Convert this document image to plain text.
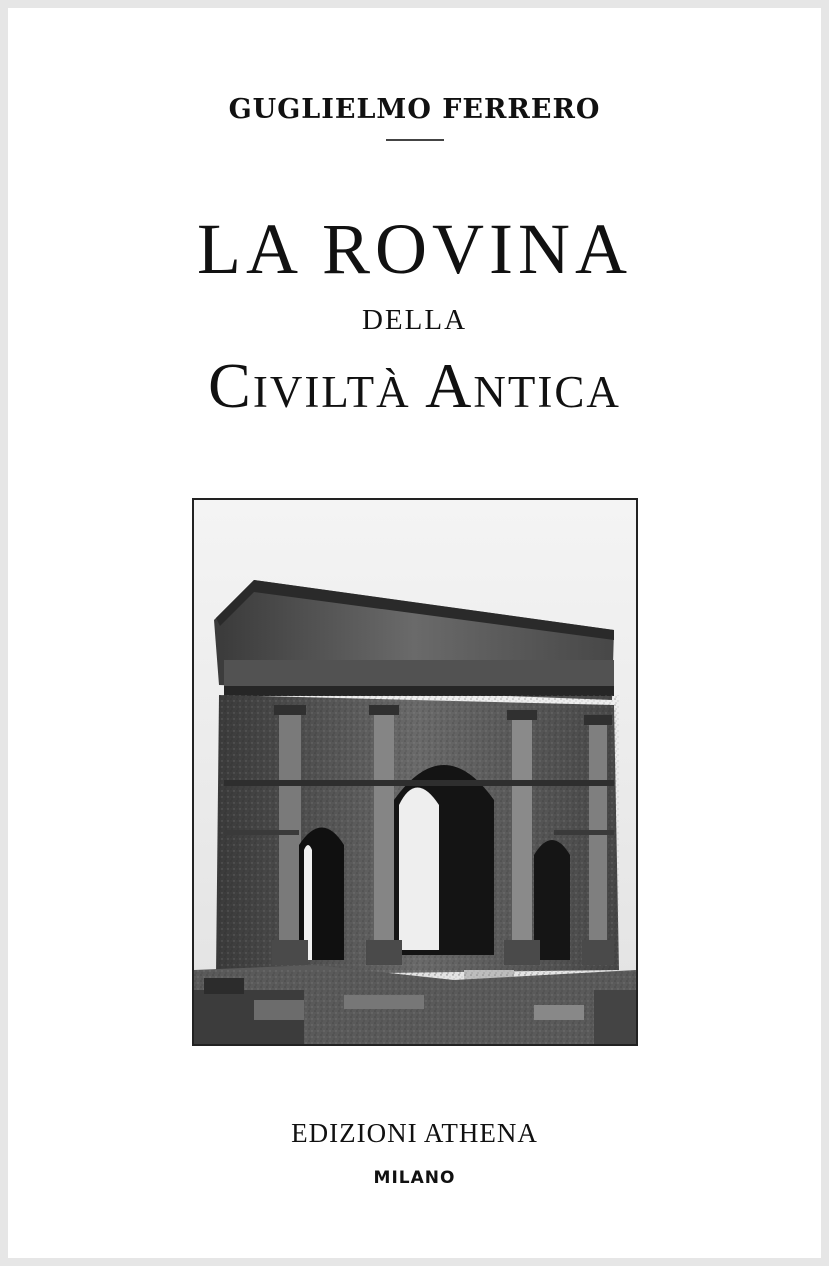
GUGLIELMO FERRERO
LA ROVINA
DELLA
Civiltà Antica
EDIZIONI ATHENA
MILANO
